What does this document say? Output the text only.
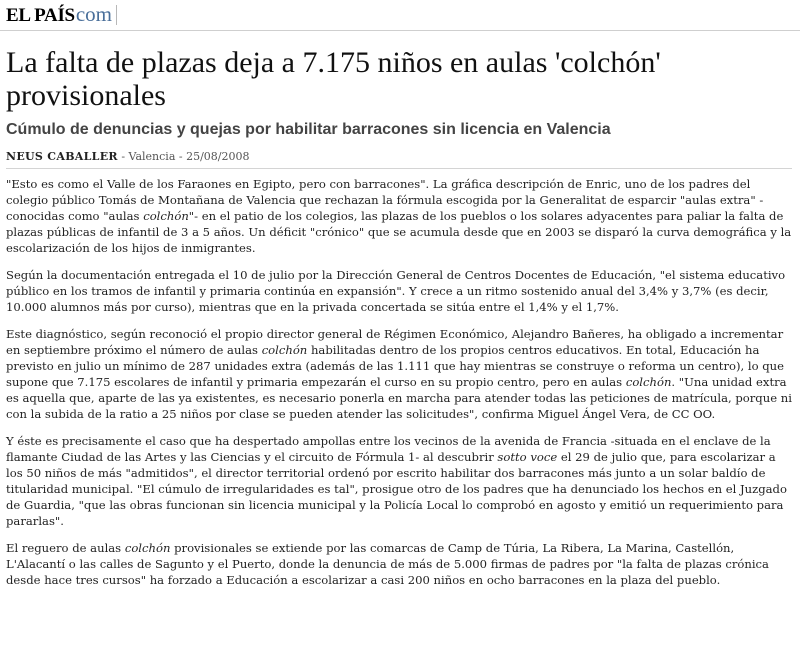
EL PAÍS com
La falta de plazas deja a 7.175 niños en aulas 'colchón' provisionales
Cúmulo de denuncias y quejas por habilitar barracones sin licencia en Valencia
NEUS CABALLER - Valencia - 25/08/2008

"Esto es como el Valle de los Faraones en Egipto, pero con barracones". La gráfica descripción de Enric, uno de los padres del colegio público Tomás de Montañana de Valencia que rechazan la fórmula escogida por la Generalitat de esparcir "aulas extra" -conocidas como "aulas colchón"- en el patio de los colegios, las plazas de los pueblos o los solares adyacentes para paliar la falta de plazas públicas de infantil de 3 a 5 años. Un déficit "crónico" que se acumula desde que en 2003 se disparó la curva demográfica y la escolarización de los hijos de inmigrantes.

Según la documentación entregada el 10 de julio por la Dirección General de Centros Docentes de Educación, "el sistema educativo público en los tramos de infantil y primaria continúa en expansión". Y crece a un ritmo sostenido anual del 3,4% y 3,7% (es decir, 10.000 alumnos más por curso), mientras que en la privada concertada se sitúa entre el 1,4% y el 1,7%.

Este diagnóstico, según reconoció el propio director general de Régimen Económico, Alejandro Bañeres, ha obligado a incrementar en septiembre próximo el número de aulas colchón habilitadas dentro de los propios centros educativos. En total, Educación ha previsto en julio un mínimo de 287 unidades extra (además de las 1.111 que hay mientras se construye o reforma un centro), lo que supone que 7.175 escolares de infantil y primaria empezarán el curso en su propio centro, pero en aulas colchón. "Una unidad extra es aquella que, aparte de las ya existentes, es necesario ponerla en marcha para atender todas las peticiones de matrícula, porque ni con la subida de la ratio a 25 niños por clase se pueden atender las solicitudes", confirma Miguel Ángel Vera, de CC OO.

Y éste es precisamente el caso que ha despertado ampollas entre los vecinos de la avenida de Francia -situada en el enclave de la flamante Ciudad de las Artes y las Ciencias y el circuito de Fórmula 1- al descubrir sotto voce el 29 de julio que, para escolarizar a los 50 niños de más "admitidos", el director territorial ordenó por escrito habilitar dos barracones más junto a un solar baldío de titularidad municipal. "El cúmulo de irregularidades es tal", prosigue otro de los padres que ha denunciado los hechos en el Juzgado de Guardia, "que las obras funcionan sin licencia municipal y la Policía Local lo comprobó en agosto y emitió un requerimiento para pararlas".

El reguero de aulas colchón provisionales se extiende por las comarcas de Camp de Túria, La Ribera, La Marina, Castellón, L'Alacantí o las calles de Sagunto y el Puerto, donde la denuncia de más de 5.000 firmas de padres por "la falta de plazas crónica desde hace tres cursos" ha forzado a Educación a escolarizar a casi 200 niños en ocho barracones en la plaza del pueblo.
